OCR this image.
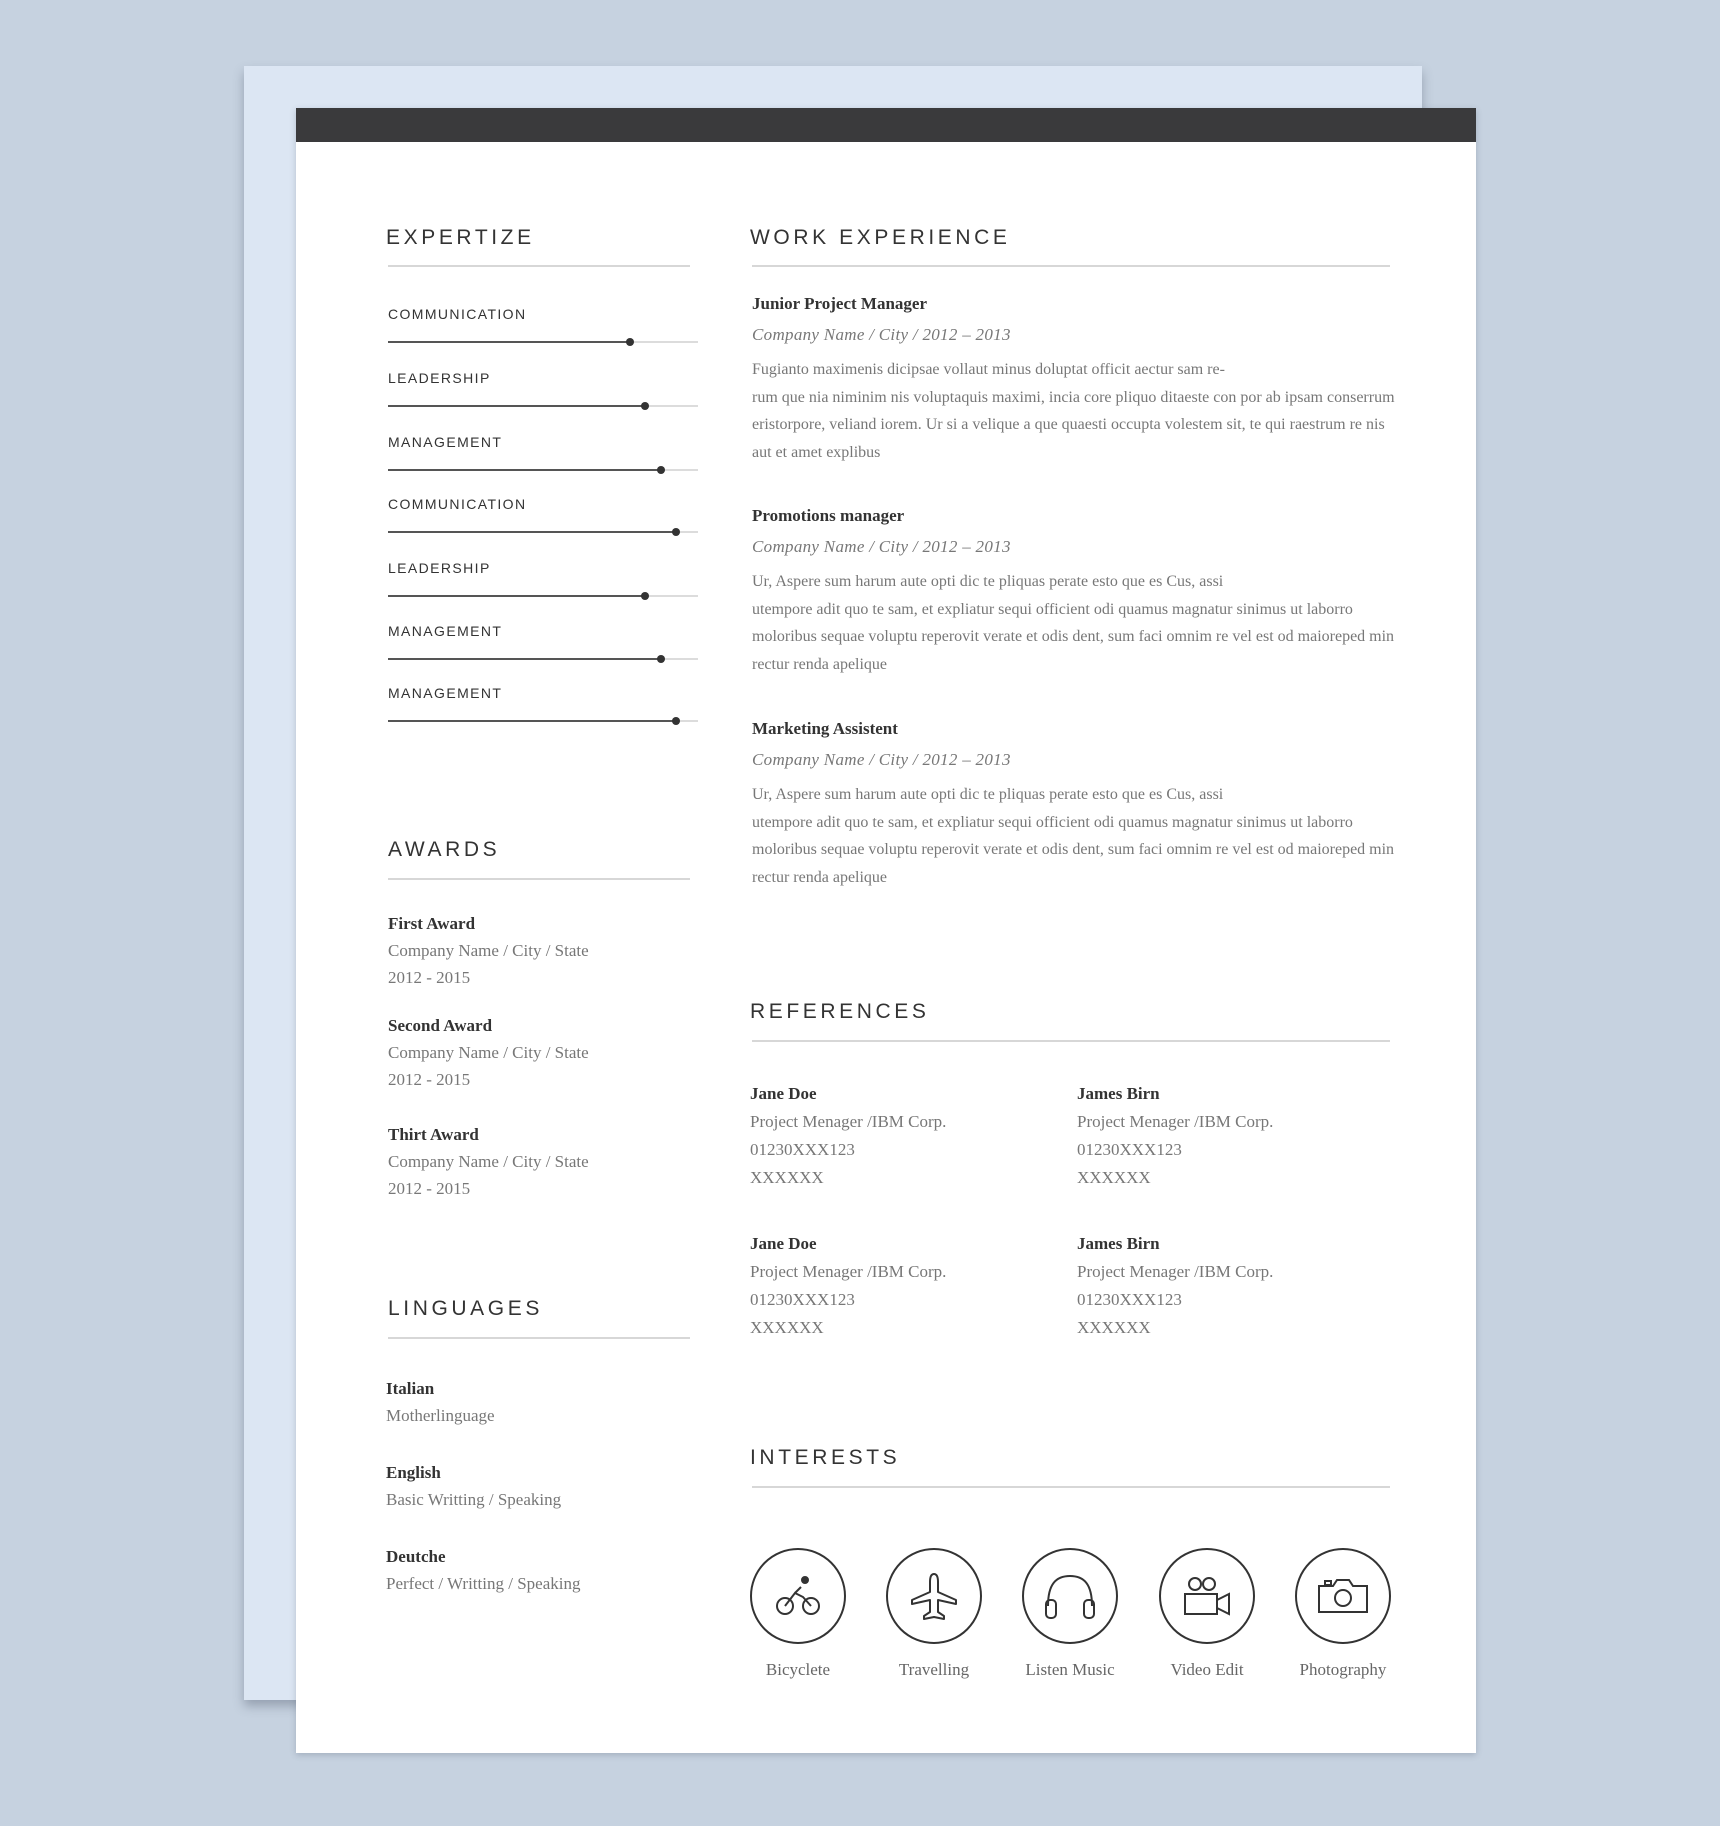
EXPERTIZE
COMMUNICATION
LEADERSHIP
MANAGEMENT
COMMUNICATION
LEADERSHIP
MANAGEMENT
MANAGEMENT
AWARDS
First Award
Company Name / City / State
2012 - 2015
Second Award
Company Name / City / State
2012 - 2015
Thirt Award
Company Name / City / State
2012 - 2015
LINGUAGES
Italian
Motherlinguage
English
Basic Writting / Speaking
Deutche
Perfect / Writting / Speaking
WORK EXPERIENCE
Junior Project Manager
Company Name / City / 2012 – 2013
Fugianto maximenis dicipsae vollaut minus doluptat officit aectur sam re-
rum que nia niminim nis voluptaquis maximi, incia core pliquo ditaeste con por ab ipsam conserrum eristorpore, veliand iorem. Ur si a velique a que quaesti occupta volestem sit, te qui raestrum re nis aut et amet explibus
Promotions manager
Company Name / City / 2012 – 2013
Ur, Aspere sum harum aute opti dic te pliquas perate esto que es Cus, assi
utempore adit quo te sam, et expliatur sequi officient odi quamus magnatur sinimus ut laborro moloribus sequae voluptu reperovit verate et odis dent, sum faci omnim re vel est od maioreped min rectur renda apelique
Marketing Assistent
Company Name / City / 2012 – 2013
Ur, Aspere sum harum aute opti dic te pliquas perate esto que es Cus, assi
utempore adit quo te sam, et expliatur sequi officient odi quamus magnatur sinimus ut laborro moloribus sequae voluptu reperovit verate et odis dent, sum faci omnim re vel est od maioreped min rectur renda apelique
REFERENCES
Jane Doe
Project Menager /IBM Corp.
01230XXX123
XXXXXX
James Birn
Project Menager /IBM Corp.
01230XXX123
XXXXXX
Jane Doe
Project Menager /IBM Corp.
01230XXX123
XXXXXX
James Birn
Project Menager /IBM Corp.
01230XXX123
XXXXXX
INTERESTS
Bicyclete	Travelling	Listen Music	Video Edit	Photography
